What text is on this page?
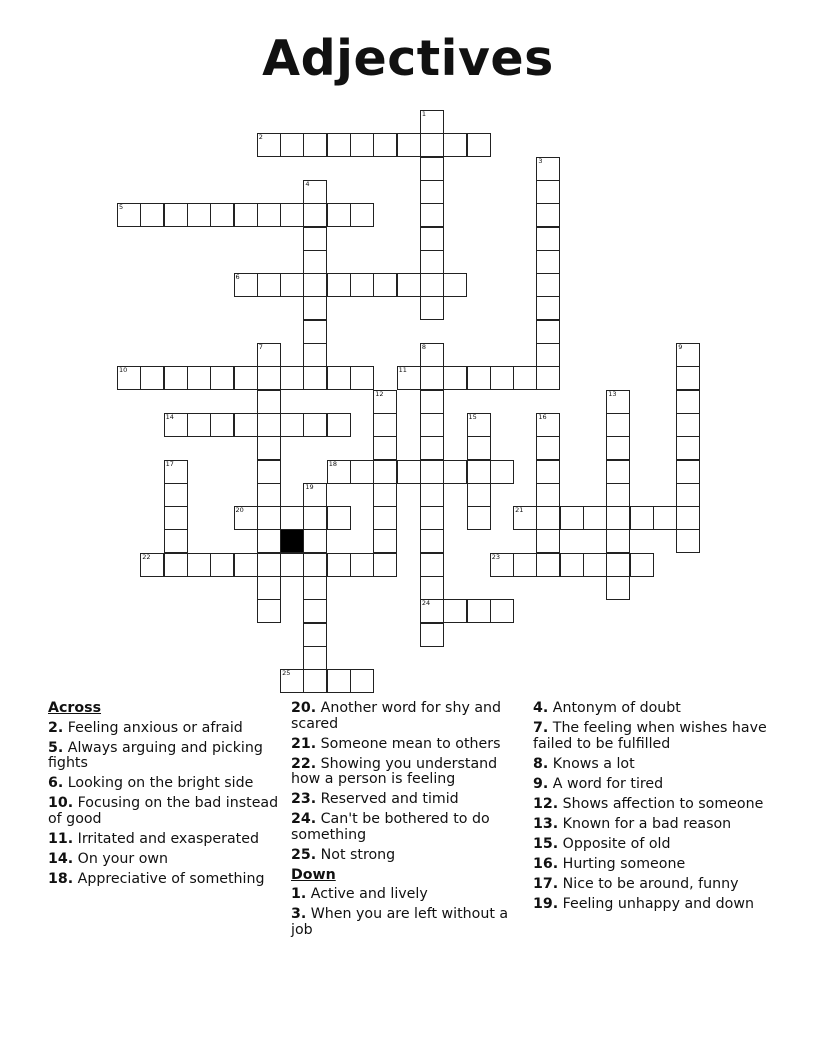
Adjectives
1
2
3
4
5
6
7	8
24
9
10	11
12	13
14	15	16
17	18
19
20	21
22	23
25
Across
2. Feeling anxious or afraid
5. Always arguing and picking fights
6. Looking on the bright side
10. Focusing on the bad instead of good
11. Irritated and exasperated
14. On your own
18. Appreciative of something
20. Another word for shy and scared
21. Someone mean to others
22. Showing you understand how a person is feeling
23. Reserved and timid
24. Can't be bothered to do something
25. Not strong
Down
1. Active and lively
3. When you are left without a job
4. Antonym of doubt
7. The feeling when wishes have failed to be fulfilled
8. Knows a lot
9. A word for tired
12. Shows affection to someone
13. Known for a bad reason
15. Opposite of old
16. Hurting someone
17. Nice to be around, funny
19. Feeling unhappy and down
